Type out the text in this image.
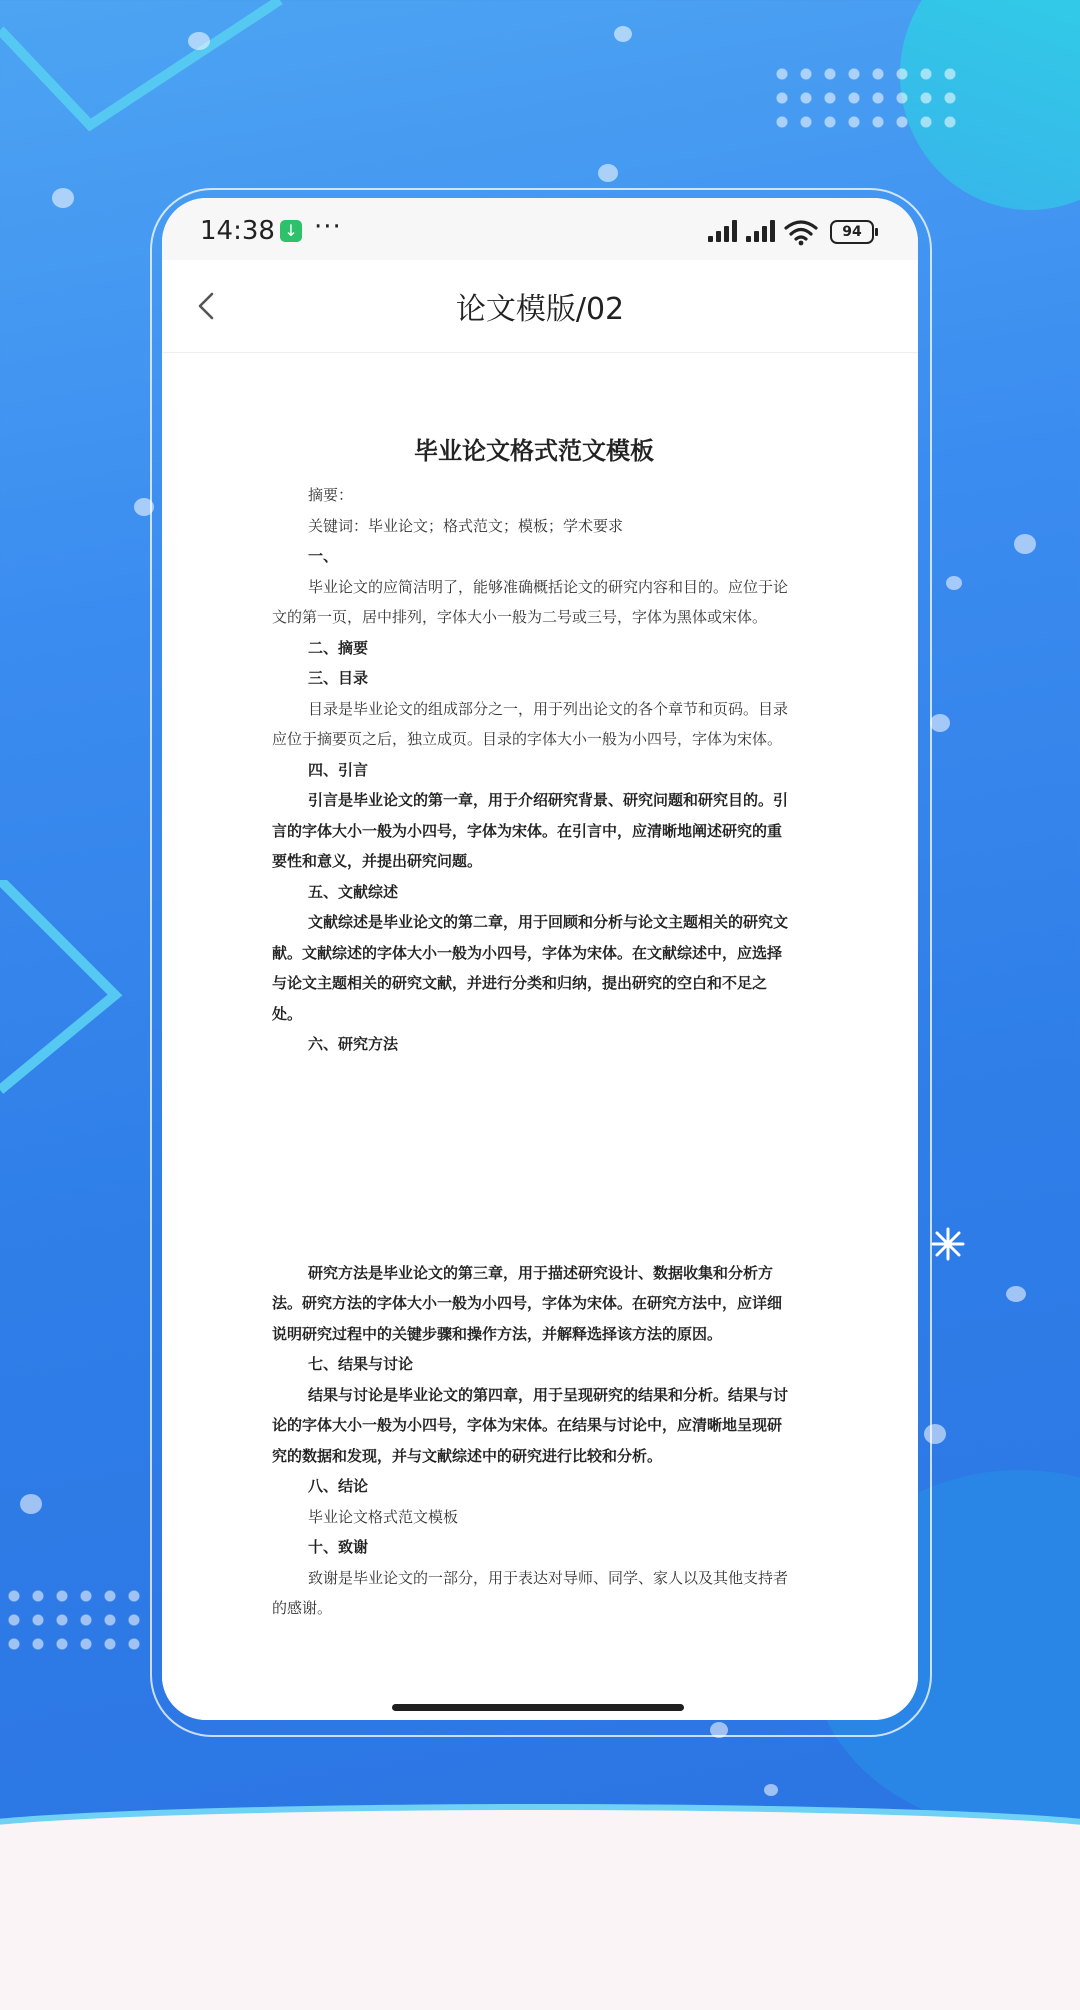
14:38 ↓ ···	94
论文模版/02
毕业论文格式范文模板

摘要：

关键词：毕业论文；格式范文；模板；学术要求

一、

毕业论文的应简洁明了，能够准确概括论文的研究内容和目的。应位于论文的第一页，居中排列，字体大小一般为二号或三号，字体为黑体或宋体。

二、摘要

三、目录

目录是毕业论文的组成部分之一，用于列出论文的各个章节和页码。目录应位于摘要页之后，独立成页。目录的字体大小一般为小四号，字体为宋体。

四、引言

引言是毕业论文的第一章，用于介绍研究背景、研究问题和研究目的。引言的字体大小一般为小四号，字体为宋体。在引言中，应清晰地阐述研究的重要性和意义，并提出研究问题。

五、文献综述

文献综述是毕业论文的第二章，用于回顾和分析与论文主题相关的研究文献。文献综述的字体大小一般为小四号，字体为宋体。在文献综述中，应选择与论文主题相关的研究文献，并进行分类和归纳，提出研究的空白和不足之处。

六、研究方法

研究方法是毕业论文的第三章，用于描述研究设计、数据收集和分析方法。研究方法的字体大小一般为小四号，字体为宋体。在研究方法中，应详细说明研究过程中的关键步骤和操作方法，并解释选择该方法的原因。

七、结果与讨论

结果与讨论是毕业论文的第四章，用于呈现研究的结果和分析。结果与讨论的字体大小一般为小四号，字体为宋体。在结果与讨论中，应清晰地呈现研究的数据和发现，并与文献综述中的研究进行比较和分析。

八、结论

毕业论文格式范文模板

十、致谢

致谢是毕业论文的一部分，用于表达对导师、同学、家人以及其他支持者的感谢。
